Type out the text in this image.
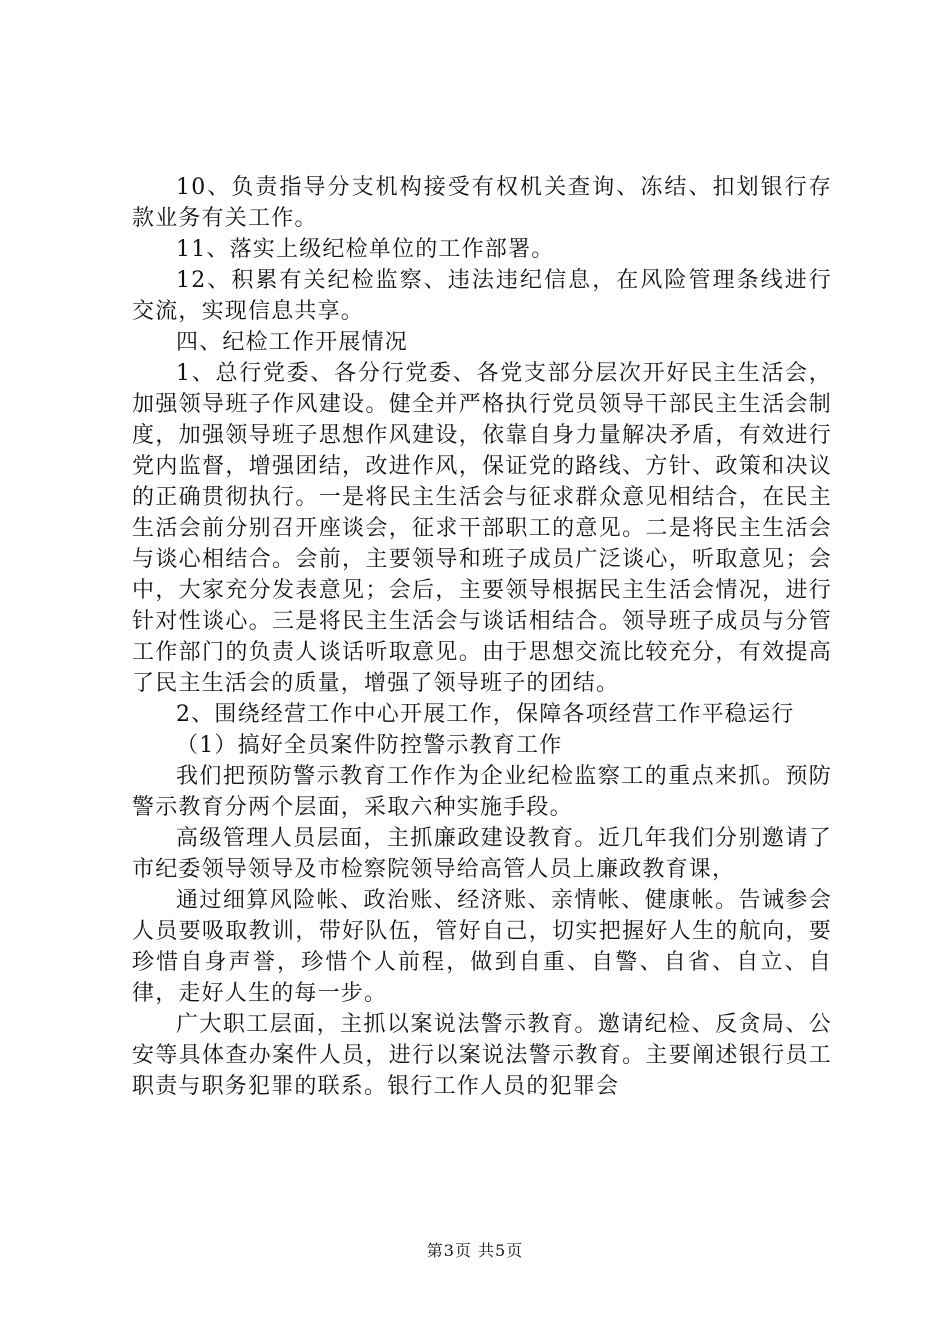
10、负责指导分支机构接受有权机关查询、冻结、扣划银行存款业务有关工作。

11、落实上级纪检单位的工作部署。

12、积累有关纪检监察、违法违纪信息，在风险管理条线进行交流，实现信息共享。

四、纪检工作开展情况

1、总行党委、各分行党委、各党支部分层次开好民主生活会，加强领导班子作风建设。健全并严格执行党员领导干部民主生活会制度，加强领导班子思想作风建设，依靠自身力量解决矛盾，有效进行党内监督，增强团结，改进作风，保证党的路线、方针、政策和决议的正确贯彻执行。一是将民主生活会与征求群众意见相结合，在民主生活会前分别召开座谈会，征求干部职工的意见。二是将民主生活会与谈心相结合。会前，主要领导和班子成员广泛谈心，听取意见；会中，大家充分发表意见；会后，主要领导根据民主生活会情况，进行针对性谈心。三是将民主生活会与谈话相结合。领导班子成员与分管工作部门的负责人谈话听取意见。由于思想交流比较充分，有效提高了民主生活会的质量，增强了领导班子的团结。

2、围绕经营工作中心开展工作，保障各项经营工作平稳运行

（1）搞好全员案件防控警示教育工作

我们把预防警示教育工作作为企业纪检监察工的重点来抓。预防警示教育分两个层面，采取六种实施手段。

高级管理人员层面，主抓廉政建设教育。近几年我们分别邀请了市纪委领导领导及市检察院领导给高管人员上廉政教育课，

通过细算风险帐、政治账、经济账、亲情帐、健康帐。告诫参会人员要吸取教训，带好队伍，管好自己，切实把握好人生的航向，要珍惜自身声誉，珍惜个人前程，做到自重、自警、自省、自立、自律，走好人生的每一步。

广大职工层面，主抓以案说法警示教育。邀请纪检、反贪局、公安等具体查办案件人员，进行以案说法警示教育。主要阐述银行员工职责与职务犯罪的联系。银行工作人员的犯罪会

第3页 共5页
